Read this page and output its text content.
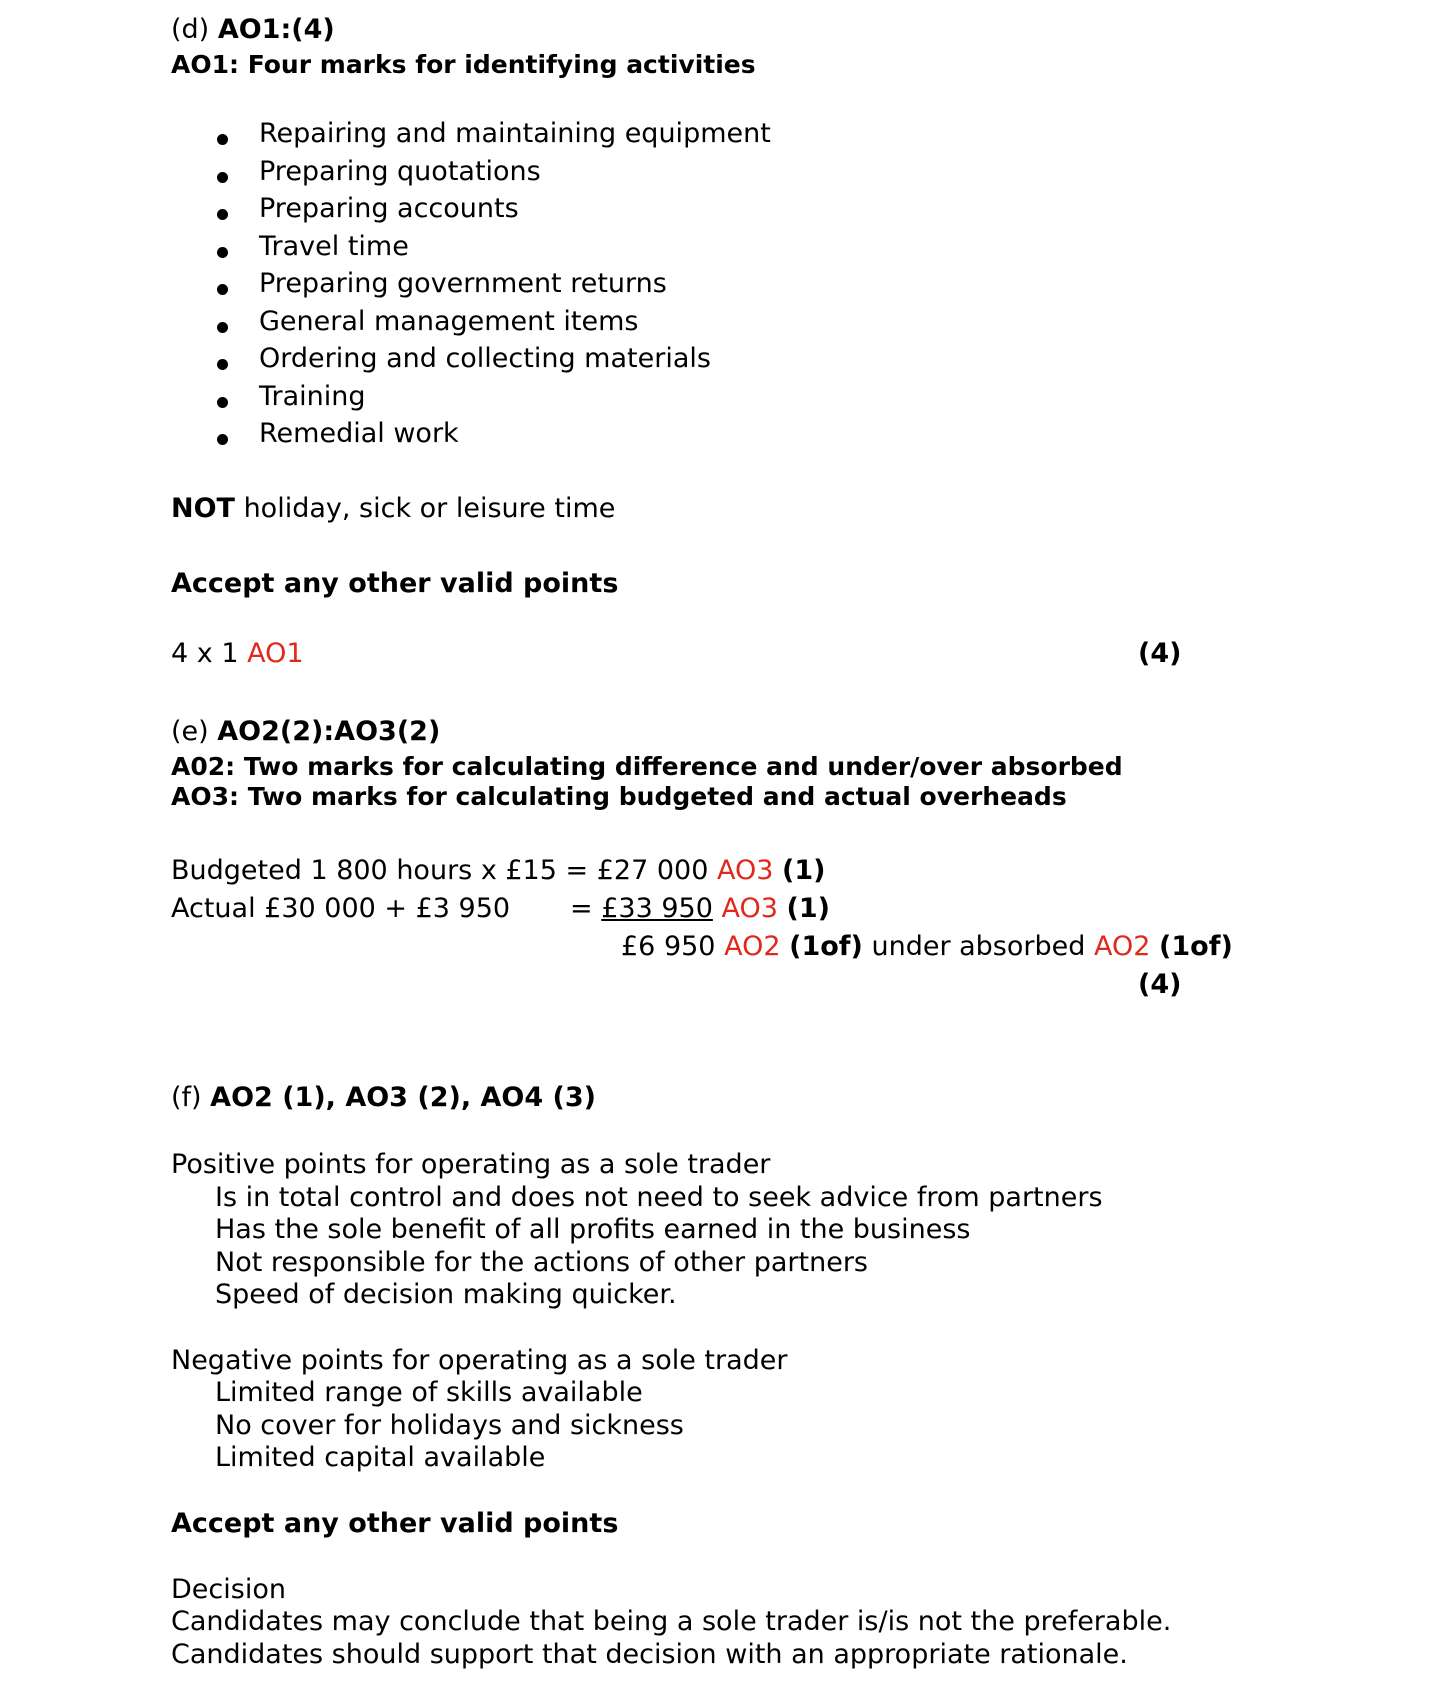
(d) AO1:(4)
AO1: Four marks for identifying activities
Repairing and maintaining equipment
Preparing quotations
Preparing accounts
Travel time
Preparing government returns
General management items
Ordering and collecting materials
Training
Remedial work
NOT holiday, sick or leisure time
Accept any other valid points
4 x 1 AO1	(4)
(e) AO2(2):AO3(2)
A02: Two marks for calculating difference and under/over absorbed
AO3: Two marks for calculating budgeted and actual overheads
Budgeted 1 800 hours x £15 = £27 000 AO3 (1)
Actual £30 000 + £3 950 = £33 950 AO3 (1)
£6 950 AO2 (1of) under absorbed AO2 (1of)
(4)
(f) AO2 (1), AO3 (2), AO4 (3)
Positive points for operating as a sole trader
Is in total control and does not need to seek advice from partners
Has the sole benefit of all profits earned in the business
Not responsible for the actions of other partners
Speed of decision making quicker.
Negative points for operating as a sole trader
Limited range of skills available
No cover for holidays and sickness
Limited capital available
Accept any other valid points
Decision
Candidates may conclude that being a sole trader is/is not the preferable.
Candidates should support that decision with an appropriate rationale.
